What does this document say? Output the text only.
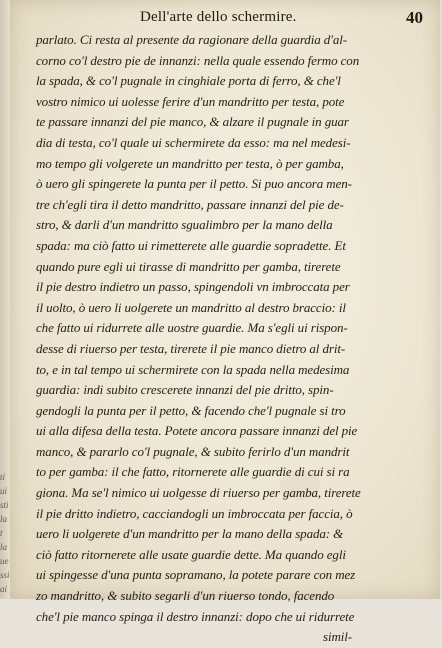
Dell'arte dello schermire.	40
parlato. Ci resta al presente da ragionare della guardia d'al-
corno co'l destro pie de innanzi: nella quale essendo fermo con
la spada, & co'l pugnale in cinghiale porta di ferro, & che'l
vostro nimico ui uolesse ferire d'un mandritto per testa, pote
te passare innanzi del pie manco, & alzare il pugnale in guar
dia di testa, co'l quale ui schermirete da esso: ma nel medesi-
mo tempo gli volgerete un mandritto per testa, ò per gamba,
ò uero gli spingerete la punta per il petto. Si puo ancora men-
tre ch'egli tira il detto mandritto, passare innanzi del pie de-
stro, & darli d'un mandritto sgualimbro per la mano della
spada: ma ciò fatto ui rimetterete alle guardie sopradette. Et
quando pure egli ui tirasse di mandritto per gamba, tirerete
il pie destro indietro un passo, spingendoli vn imbroccata per
il uolto, ò uero li uolgerete un mandritto al destro braccio: il
che fatto ui ridurrete alle uostre guardie. Ma s'egli ui rispon-
desse di riuerso per testa, tirerete il pie manco dietro al drit-
to, e in tal tempo ui schermirete con la spada nella medesima
guardia: indi subito crescerete innanzi del pie dritto, spin-
gendogli la punta per il petto, & facendo che'l pugnale si tro
ui alla difesa della testa. Potete ancora passare innanzi del pie
manco, & pararlo co'l pugnale, & subito ferirlo d'un mandrit
to per gamba: il che fatto, ritornerete alle guardie di cui si ra
giona. Ma se'l nimico ui uolgesse di riuerso per gamba, tirerete
il pie dritto indietro, cacciandogli un imbroccata per faccia, ò
uero li uolgerete d'un mandritto per la mano della spada: &
ciò fatto ritornerete alle usate guardie dette. Ma quando egli
ui spingesse d'una punta sopramano, la potete parare con mez
zo mandritto, & subito segarli d'un riuerso tondo, facendo
che'l pie manco spinga il destro innanzi: dopo che ui ridurrete
simil-
ti
ui
sti
la
t
la
ue
ssi
ai
